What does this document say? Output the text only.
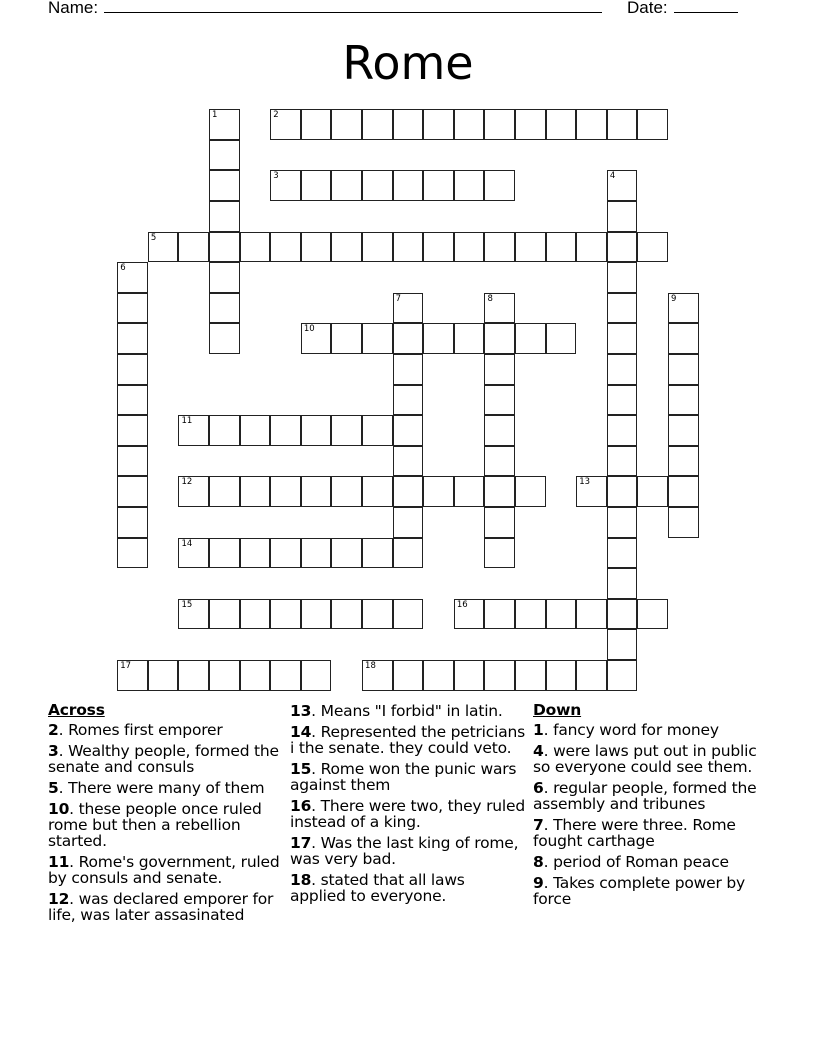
Name:	Date:
Rome
1	2
3	4
5
6
7	8	9
10
11
12	13
14
15	16
17	18
Across
2. Romes first emporer
3. Wealthy people, formed the senate and consuls
5. There were many of them
10. these people once ruled rome but then a rebellion started.
11. Rome's government, ruled by consuls and senate.
12. was declared emporer for life, was later assasinated
13. Means "I forbid" in latin.
14. Represented the petricians i the senate. they could veto.
15. Rome won the punic wars against them
16. There were two, they ruled instead of a king.
17. Was the last king of rome, was very bad.
18. stated that all laws applied to everyone.
Down
1. fancy word for money
4. were laws put out in public so everyone could see them.
6. regular people, formed the assembly and tribunes
7. There were three. Rome fought carthage
8. period of Roman peace
9. Takes complete power by force
